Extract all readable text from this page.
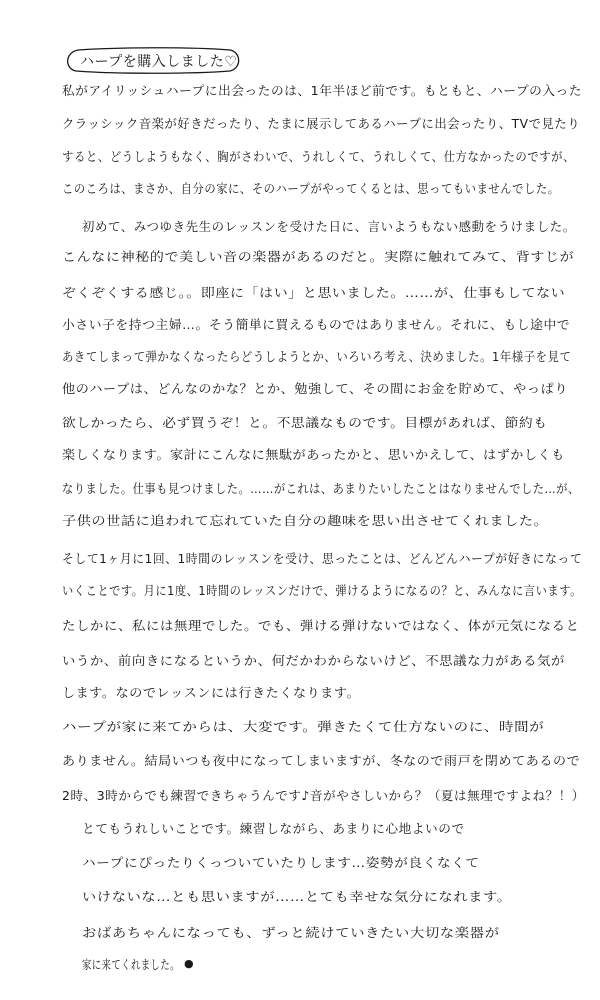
ハープを購入しました♡
私がアイリッシュハープに出会ったのは、1年半ほど前です。もともと、ハープの入った
クラッシック音楽が好きだったり、たまに展示してあるハープに出会ったり、TVで見たり
すると、どうしようもなく、胸がさわいで、うれしくて、うれしくて、仕方なかったのですが、
このころは、まさか、自分の家に、そのハープがやってくるとは、思ってもいませんでした。
初めて、みつゆき先生のレッスンを受けた日に、言いようもない感動をうけました。
こんなに神秘的で美しい音の楽器があるのだと。実際に触れてみて、背すじが
ぞくぞくする感じ。。即座に「はい」と思いました。……が、仕事もしてない
小さい子を持つ主婦…。そう簡単に買えるものではありません。それに、もし途中で
あきてしまって弾かなくなったらどうしようとか、いろいろ考え、決めました。1年様子を見て
他のハープは、どんなのかな？とか、勉強して、その間にお金を貯めて、やっぱり
欲しかったら、必ず買うぞ！と。不思議なものです。目標があれば、節約も
楽しくなります。家計にこんなに無駄があったかと、思いかえして、はずかしくも
なりました。仕事も見つけました。……がこれは、あまりたいしたことはなりませんでした…が、
子供の世話に追われて忘れていた自分の趣味を思い出させてくれました。
そして1ヶ月に1回、1時間のレッスンを受け、思ったことは、どんどんハープが好きになって
いくことです。月に1度、1時間のレッスンだけで、弾けるようになるの？と、みんなに言います。
たしかに、私には無理でした。でも、弾ける弾けないではなく、体が元気になると
いうか、前向きになるというか、何だかわからないけど、不思議な力がある気が
します。なのでレッスンには行きたくなります。
ハープが家に来てからは、大変です。弾きたくて仕方ないのに、時間が
ありません。結局いつも夜中になってしまいますが、冬なので雨戸を閉めてあるので
2時、3時からでも練習できちゃうんです♪音がやさしいから？（夏は無理ですよね？！）
とてもうれしいことです。練習しながら、あまりに心地よいので
ハープにぴったりくっついていたりします…姿勢が良くなくて
いけないな…とも思いますが……とても幸せな気分になれます。
おばあちゃんになっても、ずっと続けていきたい大切な楽器が
家に来てくれました。 ●
